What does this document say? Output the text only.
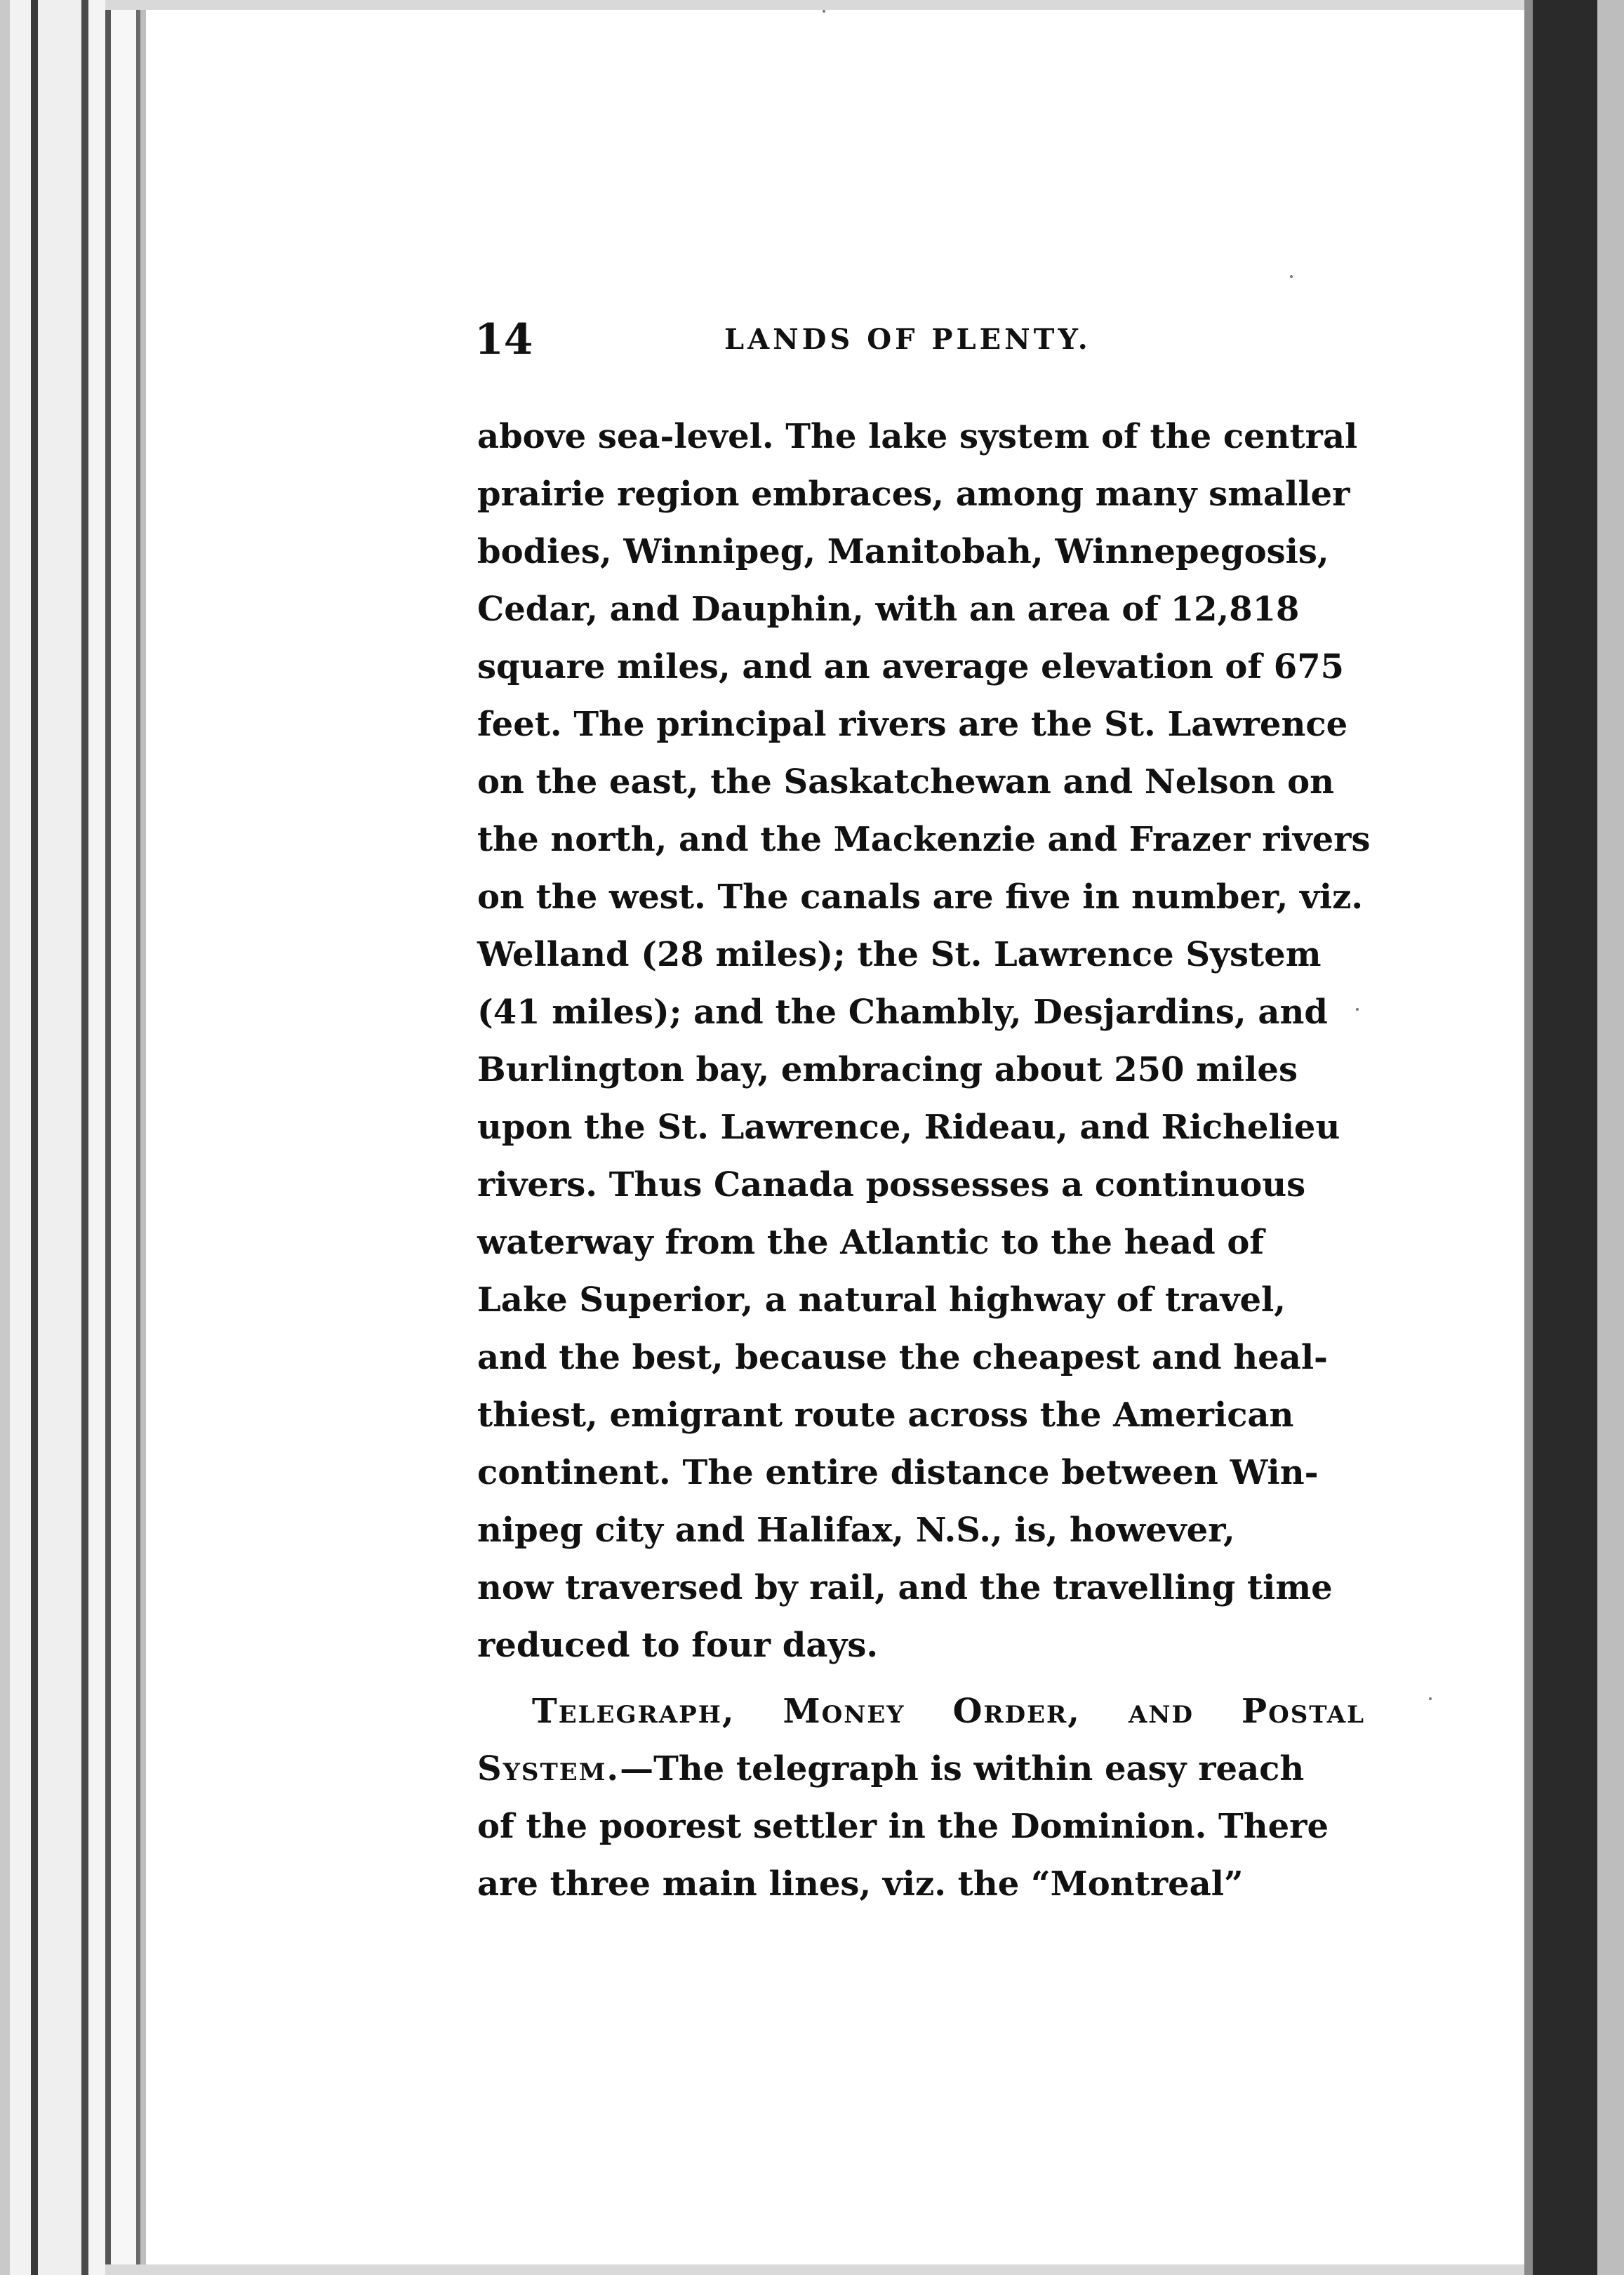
14	LANDS OF PLENTY.
above sea-level. The lake system of the central
prairie region embraces, among many smaller
bodies, Winnipeg, Manitobah, Winnepegosis,
Cedar, and Dauphin, with an area of 12,818
square miles, and an average elevation of 675
feet. The principal rivers are the St. Lawrence
on the east, the Saskatchewan and Nelson on
the north, and the Mackenzie and Frazer rivers
on the west. The canals are five in number, viz.
Welland (28 miles); the St. Lawrence System
(41 miles); and the Chambly, Desjardins, and
Burlington bay, embracing about 250 miles
upon the St. Lawrence, Rideau, and Richelieu
rivers. Thus Canada possesses a continuous
waterway from the Atlantic to the head of
Lake Superior, a natural highway of travel,
and the best, because the cheapest and heal-
thiest, emigrant route across the American
continent. The entire distance between Win-
nipeg city and Halifax, N.S., is, however,
now traversed by rail, and the travelling time
reduced to four days.
Telegraph, Money Order, and Postal
System.—The telegraph is within easy reach
of the poorest settler in the Dominion. There
are three main lines, viz. the “Montreal”
